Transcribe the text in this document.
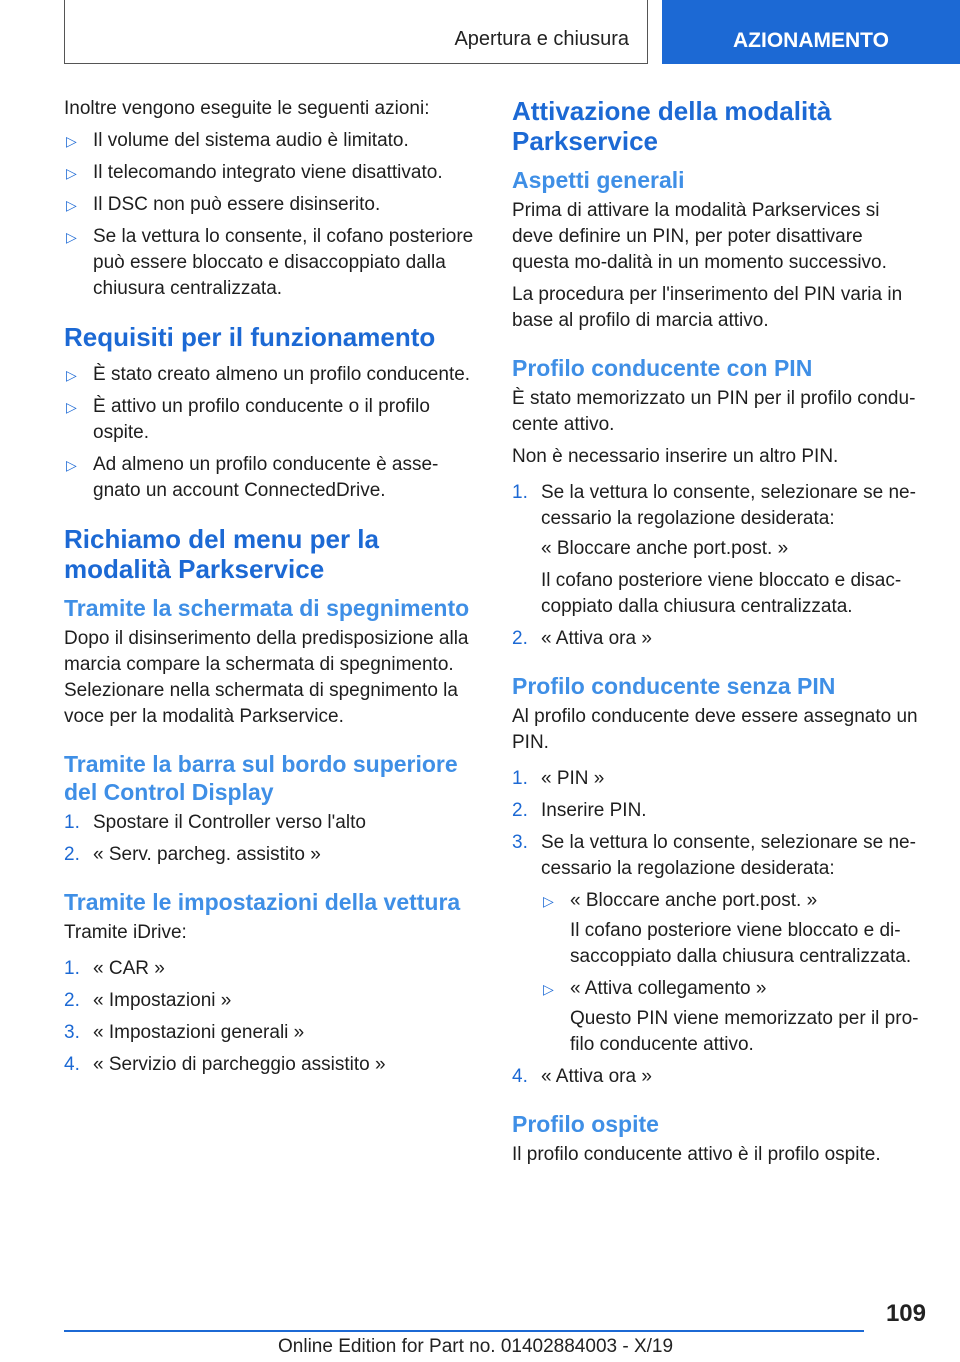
Apertura e chiusura	AZIONAMENTO

Inoltre vengono eseguite le seguenti azioni:

▷ Il volume del sistema audio è limitato.
▷ Il telecomando integrato viene disattivato.
▷ Il DSC non può essere disinserito.
▷ Se la vettura lo consente, il cofano posteriore può essere bloccato e disaccoppiato dalla chiusura centralizzata.
Requisiti per il funzionamento
▷ È stato creato almeno un profilo conducente.
▷ È attivo un profilo conducente o il profilo ospite.
▷ Ad almeno un profilo conducente è asse‐gnato un account ConnectedDrive.
Richiamo del menu per la modalità Parkservice
Tramite la schermata di spegnimento

Dopo il disinserimento della predisposizione alla marcia compare la schermata di spegnimento. Selezionare nella schermata di spegnimento la voce per la modalità Parkservice.

Tramite la barra sul bordo superiore del Control Display
1. Spostare il Controller verso l'alto
2. « Serv. parcheg. assistito »
Tramite le impostazioni della vettura

Tramite iDrive:

1. « CAR »
2. « Impostazioni »
3. « Impostazioni generali »
4. « Servizio di parcheggio assistito »
Attivazione della modalità Parkservice
Aspetti generali

Prima di attivare la modalità Parkservices si deve definire un PIN, per poter disattivare questa mo‐dalità in un momento successivo.

La procedura per l'inserimento del PIN varia in base al profilo di marcia attivo.

Profilo conducente con PIN

È stato memorizzato un PIN per il profilo condu‐cente attivo.

Non è necessario inserire un altro PIN.

1. Se la vettura lo consente, selezionare se ne‐cessario la regolazione desiderata:

« Bloccare anche port.post. »

Il cofano posteriore viene bloccato e disac‐coppiato dalla chiusura centralizzata.

2. « Attiva ora »
Profilo conducente senza PIN

Al profilo conducente deve essere assegnato un PIN.

1. « PIN »
2. Inserire PIN.
3. Se la vettura lo consente, selezionare se ne‐cessario la regolazione desiderata:
▷ « Bloccare anche port.post. »

Il cofano posteriore viene bloccato e di‐saccoppiato dalla chiusura centralizzata.

▷ « Attiva collegamento »

Questo PIN viene memorizzato per il pro‐filo conducente attivo.

4. « Attiva ora »
Profilo ospite

Il profilo conducente attivo è il profilo ospite.

109
Online Edition for Part no. 01402884003 - X/19
